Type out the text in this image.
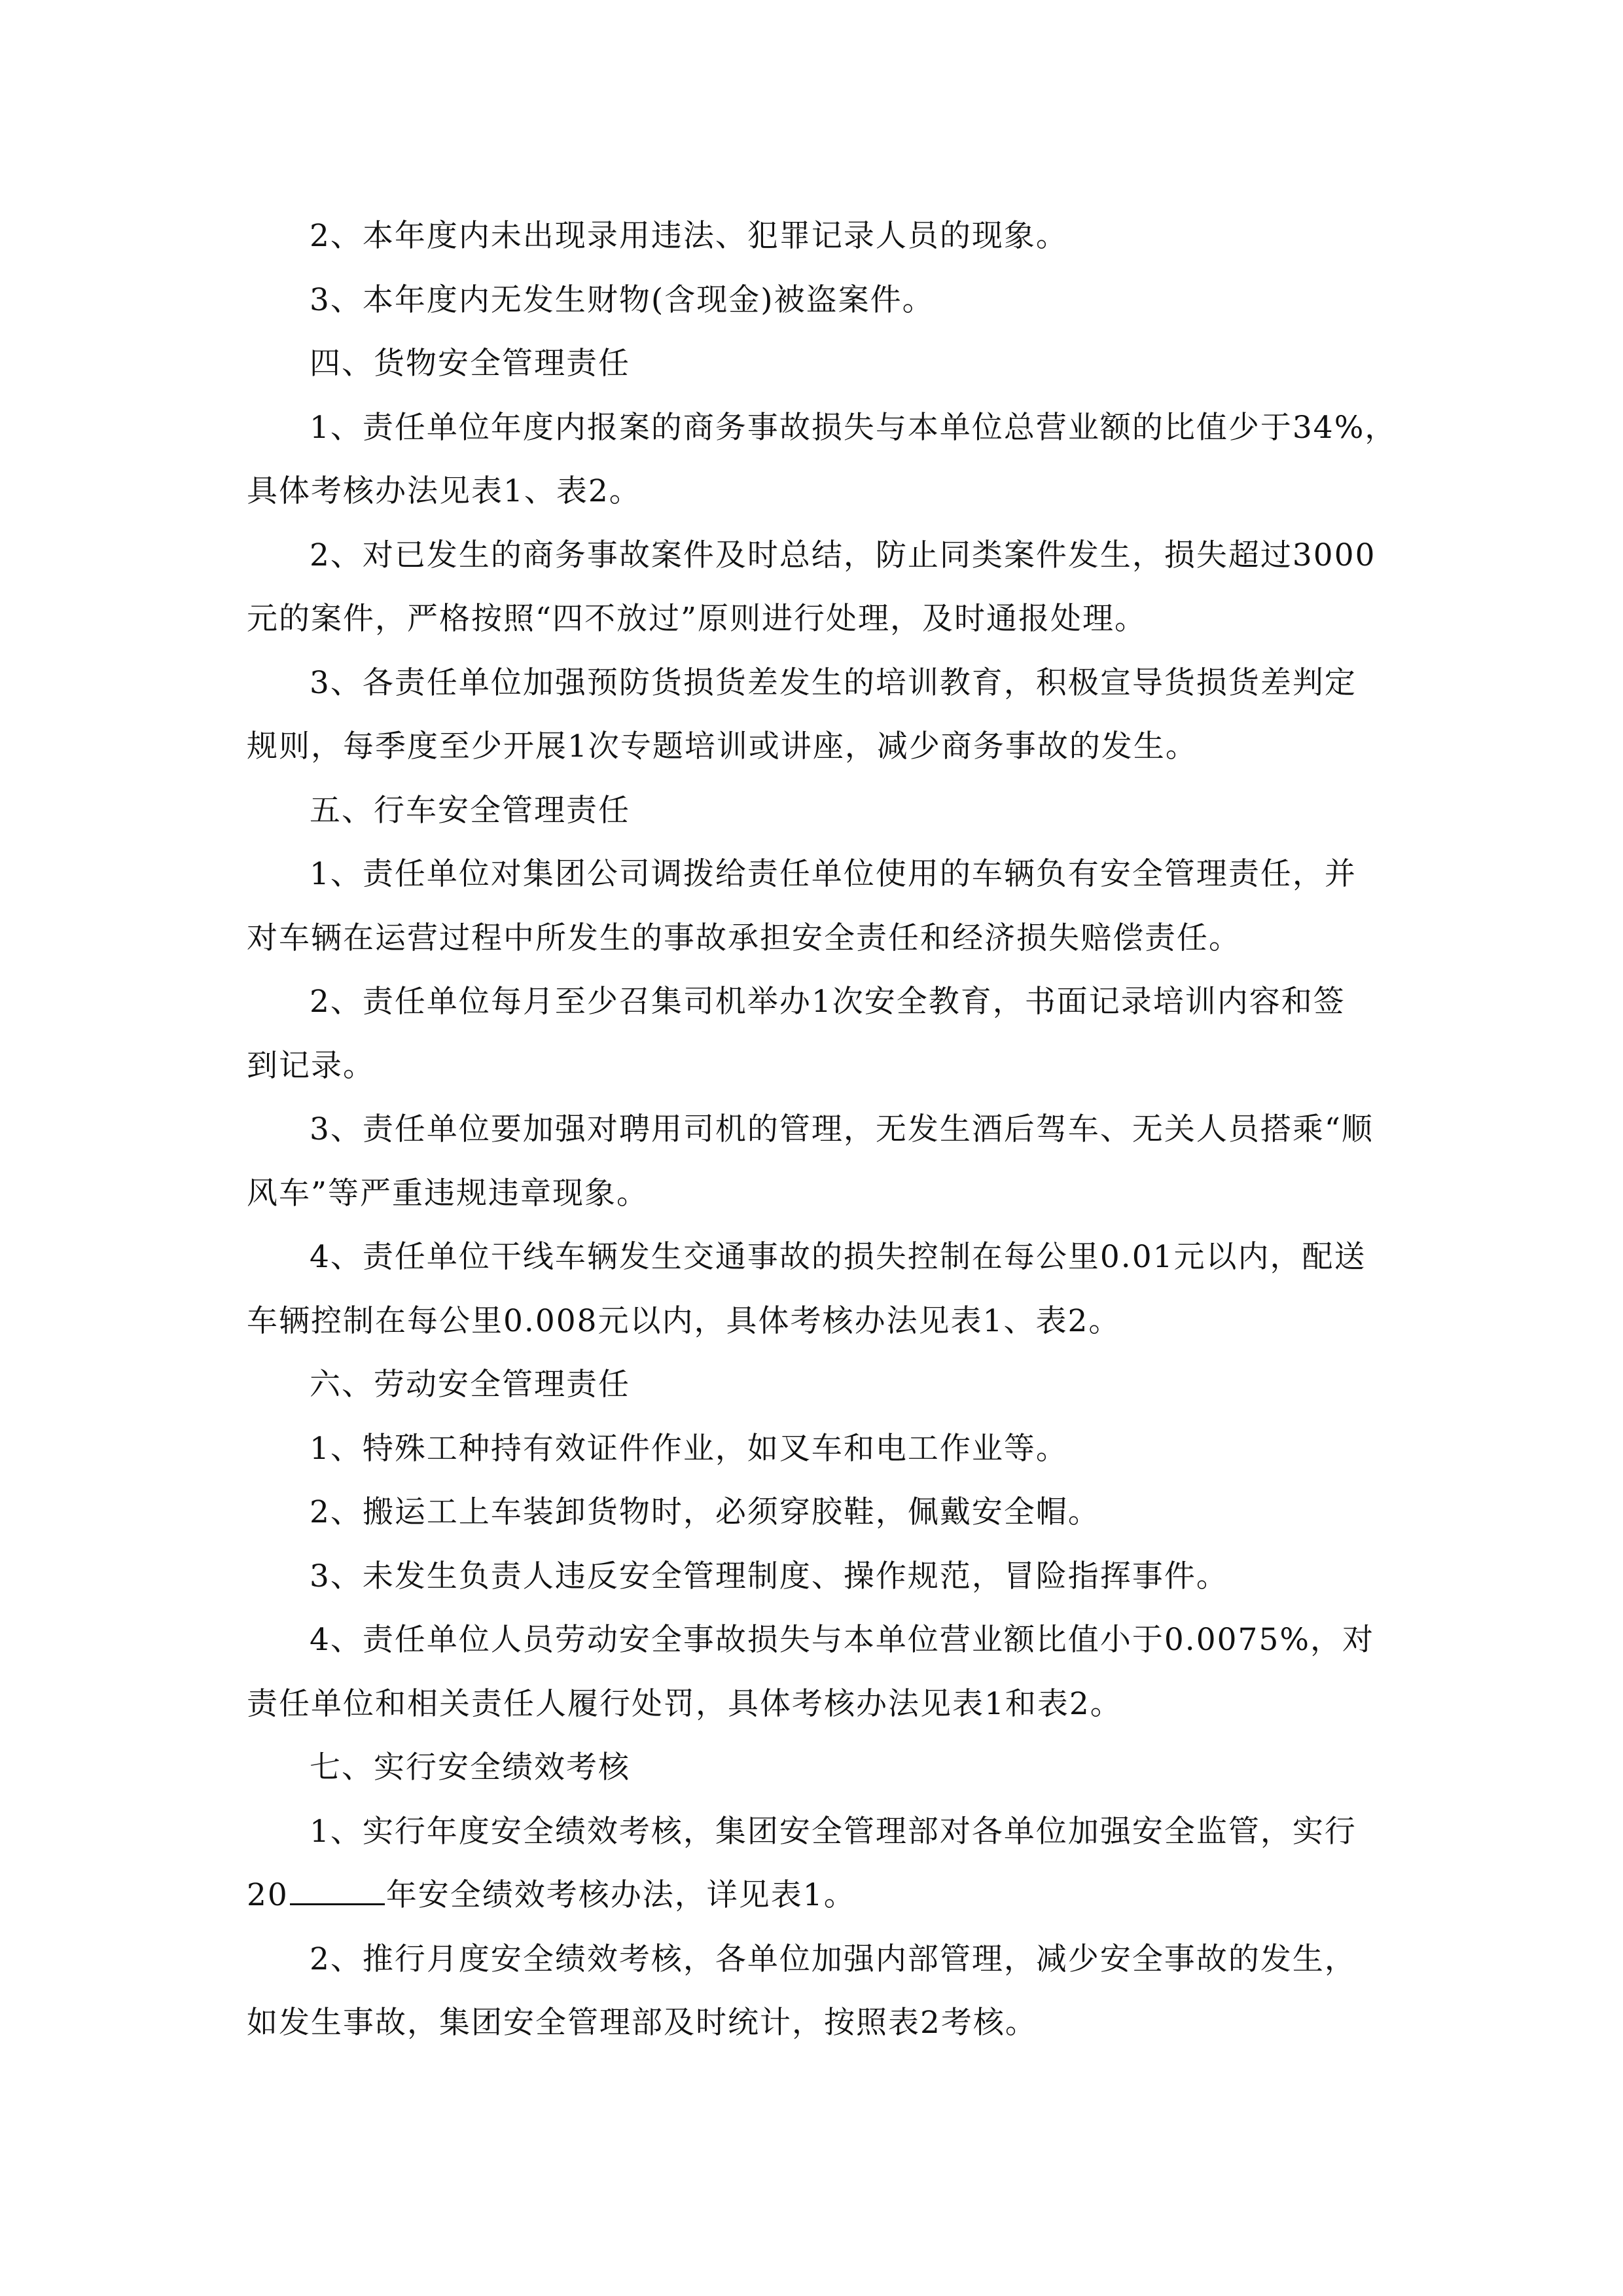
2、本年度内未出现录用违法、犯罪记录人员的现象。
3、本年度内无发生财物(含现金)被盗案件。
四、货物安全管理责任
1、责任单位年度内报案的商务事故损失与本单位总营业额的比值少于34%，
具体考核办法见表1、表2。
2、对已发生的商务事故案件及时总结，防止同类案件发生，损失超过3000
元的案件，严格按照“四不放过”原则进行处理，及时通报处理。
3、各责任单位加强预防货损货差发生的培训教育，积极宣导货损货差判定
规则，每季度至少开展1次专题培训或讲座，减少商务事故的发生。
五、行车安全管理责任
1、责任单位对集团公司调拨给责任单位使用的车辆负有安全管理责任，并
对车辆在运营过程中所发生的事故承担安全责任和经济损失赔偿责任。
2、责任单位每月至少召集司机举办1次安全教育，书面记录培训内容和签
到记录。
3、责任单位要加强对聘用司机的管理，无发生酒后驾车、无关人员搭乘“顺
风车”等严重违规违章现象。
4、责任单位干线车辆发生交通事故的损失控制在每公里0.01元以内，配送
车辆控制在每公里0.008元以内，具体考核办法见表1、表2。
六、劳动安全管理责任
1、特殊工种持有效证件作业，如叉车和电工作业等。
2、搬运工上车装卸货物时，必须穿胶鞋，佩戴安全帽。
3、未发生负责人违反安全管理制度、操作规范，冒险指挥事件。
4、责任单位人员劳动安全事故损失与本单位营业额比值小于0.0075%，对
责任单位和相关责任人履行处罚，具体考核办法见表1和表2。
七、实行安全绩效考核
1、实行年度安全绩效考核，集团安全管理部对各单位加强安全监管，实行
20	年安全绩效考核办法，详见表1。
2、推行月度安全绩效考核，各单位加强内部管理，减少安全事故的发生，
如发生事故，集团安全管理部及时统计，按照表2考核。
